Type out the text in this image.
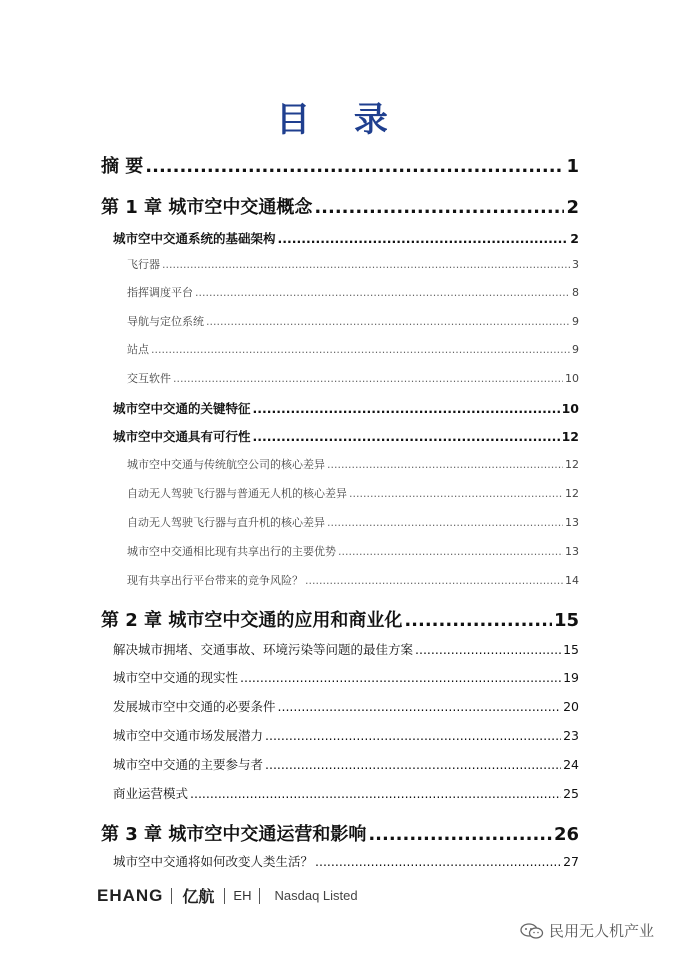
目 录
摘 要 .....	1
第 1 章 城市空中交通概念 .....	2
城市空中交通系统的基础架构 .....	2
飞行器 .....	3
指挥调度平台 .....	8
导航与定位系统 .....	9
站点 .....	9
交互软件 .....	10
城市空中交通的关键特征 .....	10
城市空中交通具有可行性 .....	12
城市空中交通与传统航空公司的核心差异 .....	12
自动无人驾驶飞行器与普通无人机的核心差异 .....	12
自动无人驾驶飞行器与直升机的核心差异 .....	13
城市空中交通相比现有共享出行的主要优势 .....	13
现有共享出行平台带来的竞争风险？ .....	14
第 2 章 城市空中交通的应用和商业化 .....	15
解决城市拥堵、交通事故、环境污染等问题的最佳方案 .....	15
城市空中交通的现实性 .....	19
发展城市空中交通的必要条件 .....	20
城市空中交通市场发展潜力 .....	23
城市空中交通的主要参与者 .....	24
商业运营模式 .....	25
第 3 章 城市空中交通运营和影响 .....	26
城市空中交通将如何改变人类生活？ .....	27
EHANG 亿航 EH Nasdaq Listed
民用无人机产业
